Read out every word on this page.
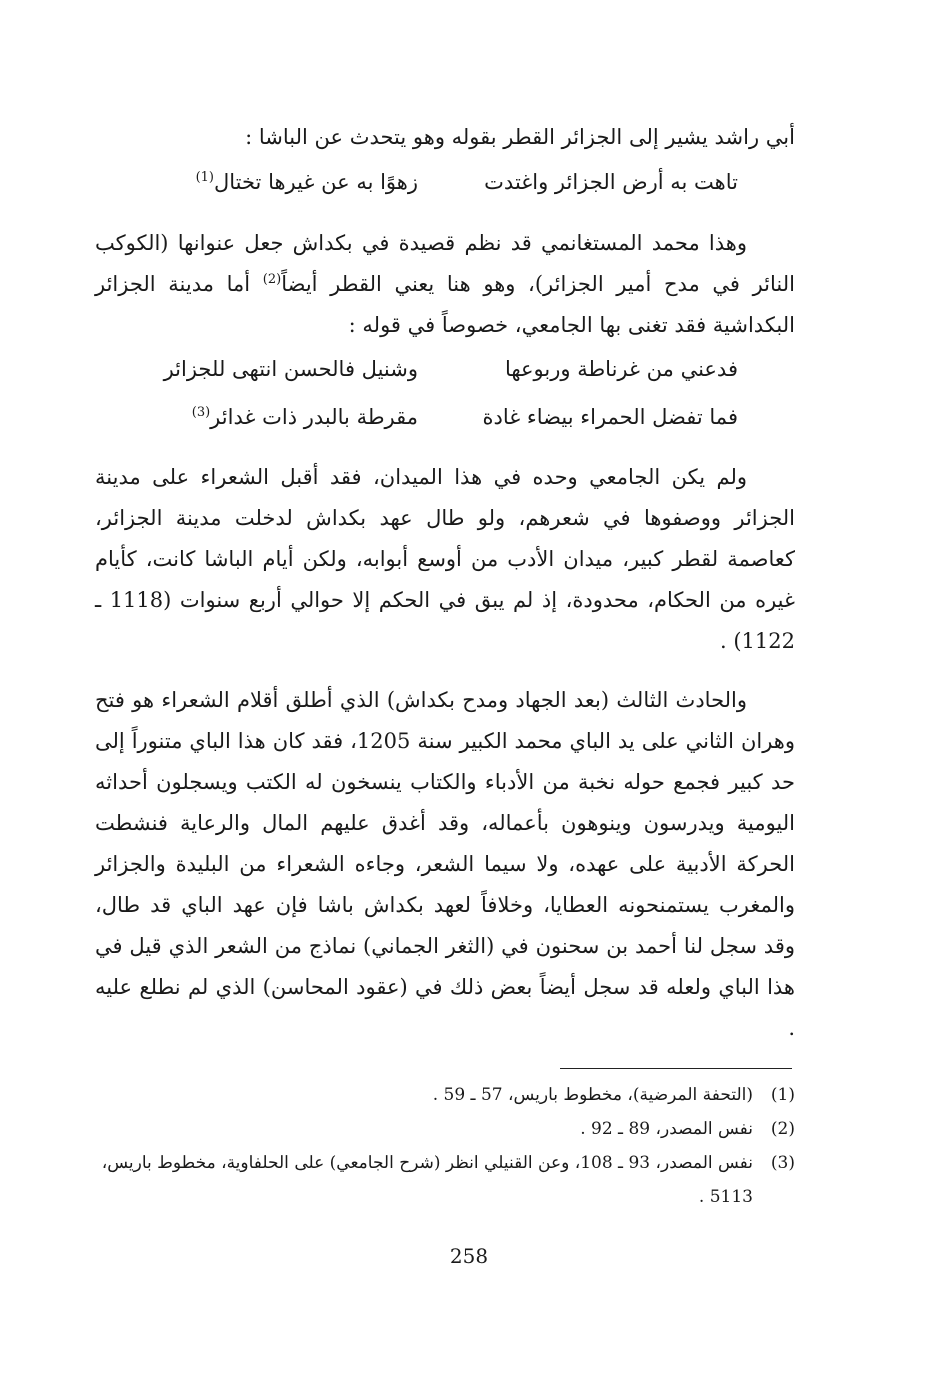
أبي راشد يشير إلى الجزائر القطر بقوله وهو يتحدث عن الباشا :

تاهت به أرض الجزائر واغتدت
زهوًا به عن غيرها تختال$^{(1)}$

وهذا محمد المستغانمي قد نظم قصيدة في بكداش جعل عنوانها (الكوكب النائر في مدح أمير الجزائر)، وهو هنا يعني القطر أيضاً$^{(2)}$ أما مدينة الجزائر البكداشية فقد تغنى بها الجامعي، خصوصاً في قوله :

فدعني من غرناطة وربوعها
وشنيل فالحسن انتهى للجزائر
فما تفضل الحمراء بيضاء غادة
مقرطة بالبدر ذات غدائر$^{(3)}$

ولم يكن الجامعي وحده في هذا الميدان، فقد أقبل الشعراء على مدينة الجزائر ووصفوها في شعرهم، ولو طال عهد بكداش لدخلت مدينة الجزائر، كعاصمة لقطر كبير، ميدان الأدب من أوسع أبوابه، ولكن أيام الباشا كانت، كأيام غيره من الحكام، محدودة، إذ لم يبق في الحكم إلا حوالي أربع سنوات (1118 ـ 1122) .

والحادث الثالث (بعد الجهاد ومدح بكداش) الذي أطلق أقلام الشعراء هو فتح وهران الثاني على يد الباي محمد الكبير سنة 1205، فقد كان هذا الباي متنوراً إلى حد كبير فجمع حوله نخبة من الأدباء والكتاب ينسخون له الكتب ويسجلون أحداثه اليومية ويدرسون وينوهون بأعماله، وقد أغدق عليهم المال والرعاية فنشطت الحركة الأدبية على عهده، ولا سيما الشعر، وجاءه الشعراء من البليدة والجزائر والمغرب يستمنحونه العطايا، وخلافاً لعهد بكداش باشا فإن عهد الباي قد طال، وقد سجل لنا أحمد بن سحنون في (الثغر الجماني) نماذج من الشعر الذي قيل في هذا الباي ولعله قد سجل أيضاً بعض ذلك في (عقود المحاسن) الذي لم نطلع عليه .

(1)
(التحفة المرضية)، مخطوط باريس، 57 ـ 59 .
(2)
نفس المصدر، 89 ـ 92 .
(3)
نفس المصدر، 93 ـ 108، وعن القنيلي انظر (شرح الجامعي) على الحلفاوية، مخطوط باريس، 5113 .
258
